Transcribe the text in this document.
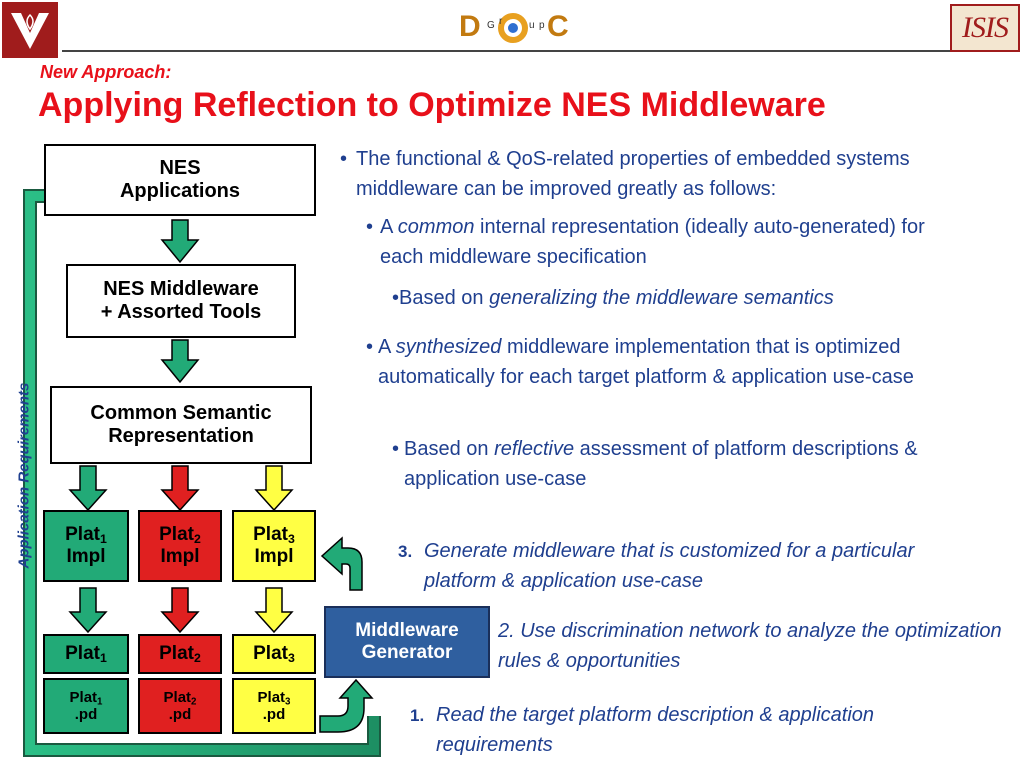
D C
G r	u p	ISIS
New Approach:
Applying Reflection to Optimize NES Middleware
Application Requirements
NES
Applications
NES Middleware
+ Assorted Tools
Common Semantic
Representation
Plat$_1$
Impl
Plat$_2$
Impl
Plat$_3$
Impl
Plat$_1$	Plat$_2$	Plat$_3$
Plat$_1$
.pd
Plat$_2$
.pd
Plat$_3$
.pd
Middleware
Generator
• The functional & QoS-related properties of embedded systems middleware can be improved greatly as follows:
• A common internal representation (ideally auto-generated) for each middleware specification
•Based on generalizing the middleware semantics
• A synthesized middleware implementation that is optimized automatically for each target platform & application use-case
• Based on reflective assessment of platform descriptions & application use-case
3. Generate middleware that is customized for a particular platform & application use-case
2. Use discrimination network to analyze the optimization rules & opportunities
1. Read the target platform description & application requirements
